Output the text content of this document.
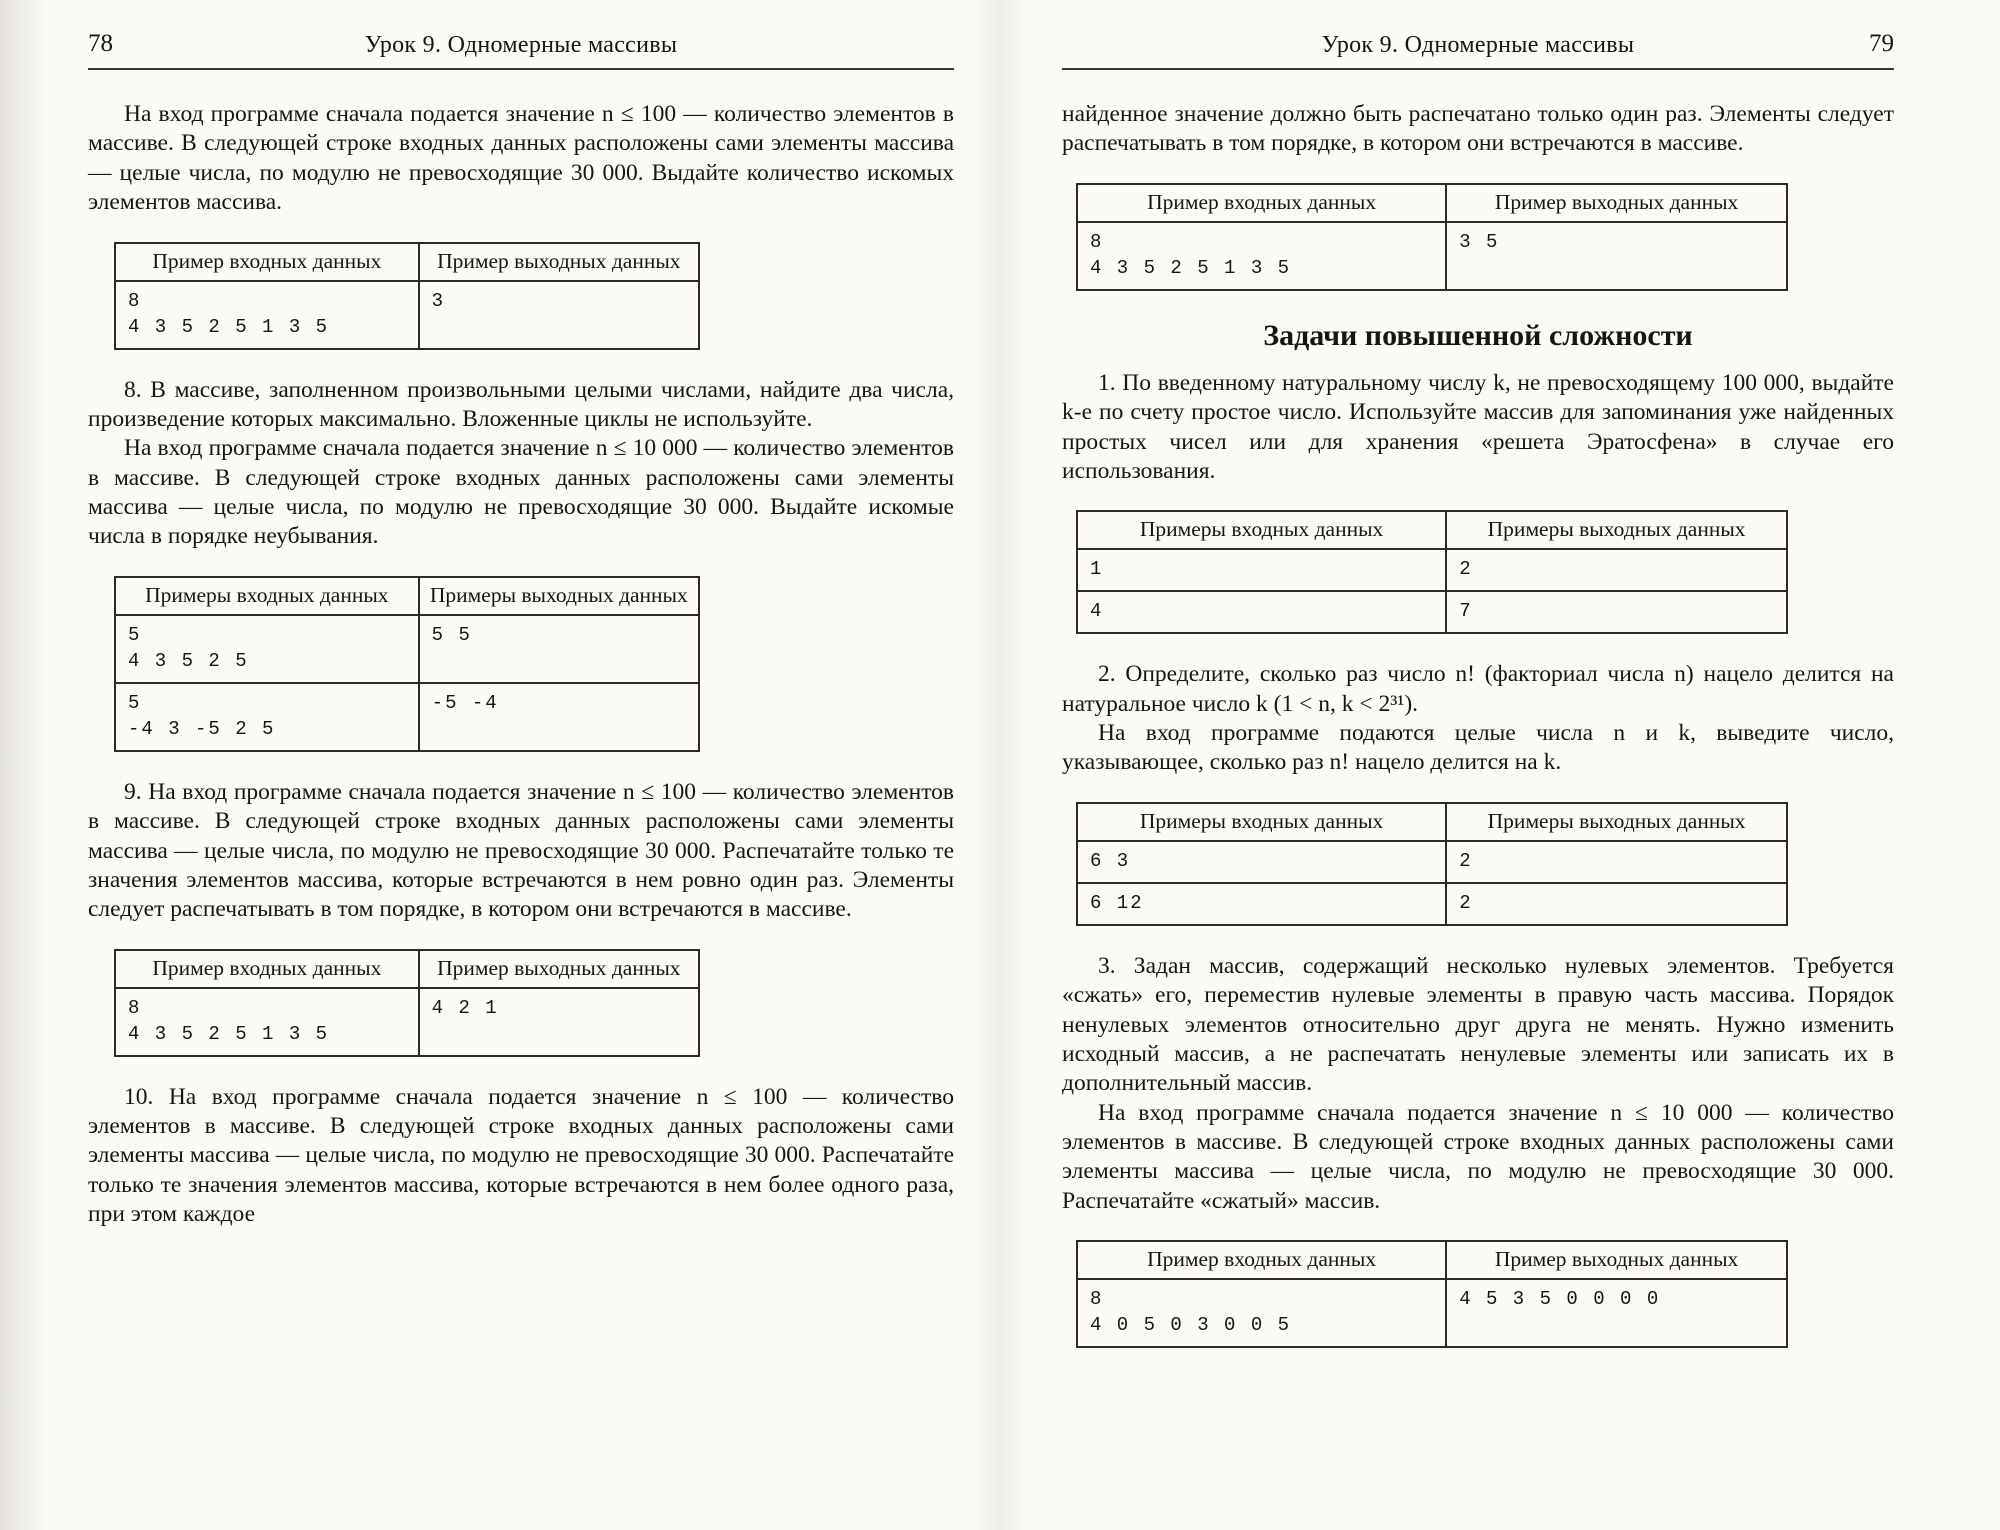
78	Урок 9. Одномерные массивы

На вход программе сначала подается значение n ≤ 100 — количество элементов в массиве. В следующей строке входных данных расположены сами элементы массива — целые числа, по модулю не превосходящие 30 000. Выдайте количество искомых элементов массива.

Пример входных данных	Пример выходных данных

8
4 3 5 2 5 1 3 5	3

8. В массиве, заполненном произвольными целыми числами, найдите два числа, произведение которых максимально. Вложенные циклы не используйте.

На вход программе сначала подается значение n ≤ 10 000 — количество элементов в массиве. В следующей строке входных данных расположены сами элементы массива — целые числа, по модулю не превосходящие 30 000. Выдайте искомые числа в порядке неубывания.

Примеры входных данных	Примеры выходных данных

5
4 3 5 2 5	5 5

5
-4 3 -5 2 5	-5 -4

9. На вход программе сначала подается значение n ≤ 100 — количество элементов в массиве. В следующей строке входных данных расположены сами элементы массива — целые числа, по модулю не превосходящие 30 000. Распечатайте только те значения элементов массива, которые встречаются в нем ровно один раз. Элементы следует распечатывать в том порядке, в котором они встречаются в массиве.

Пример входных данных	Пример выходных данных

8
4 3 5 2 5 1 3 5	4 2 1

10. На вход программе сначала подается значение n ≤ 100 — количество элементов в массиве. В следующей строке входных данных расположены сами элементы массива — целые числа, по модулю не превосходящие 30 000. Распечатайте только те значения элементов массива, которые встречаются в нем более одного раза, при этом каждое

Урок 9. Одномерные массивы	79

найденное значение должно быть распечатано только один раз. Элементы следует распечатывать в том порядке, в котором они встречаются в массиве.

Пример входных данных	Пример выходных данных

8
4 3 5 2 5 1 3 5	3 5
Задачи повышенной сложности

1. По введенному натуральному числу k, не превосходящему 100 000, выдайте k-е по счету простое число. Используйте массив для запоминания уже найденных простых чисел или для хранения «решета Эратосфена» в случае его использования.

Примеры входных данных	Примеры выходных данных

1	2

4	7

2. Определите, сколько раз число n! (факториал числа n) нацело делится на натуральное число k (1 < n, k < 2³¹).

На вход программе подаются целые числа n и k, выведите число, указывающее, сколько раз n! нацело делится на k.

Примеры входных данных	Примеры выходных данных

6 3	2

6 12	2

3. Задан массив, содержащий несколько нулевых элементов. Требуется «сжать» его, переместив нулевые элементы в правую часть массива. Порядок ненулевых элементов относительно друг друга не менять. Нужно изменить исходный массив, а не распечатать ненулевые элементы или записать их в дополнительный массив.

На вход программе сначала подается значение n ≤ 10 000 — количество элементов в массиве. В следующей строке входных данных расположены сами элементы массива — целые числа, по модулю не превосходящие 30 000. Распечатайте «сжатый» массив.

Пример входных данных	Пример выходных данных

8
4 0 5 0 3 0 0 5	4 5 3 5 0 0 0 0
